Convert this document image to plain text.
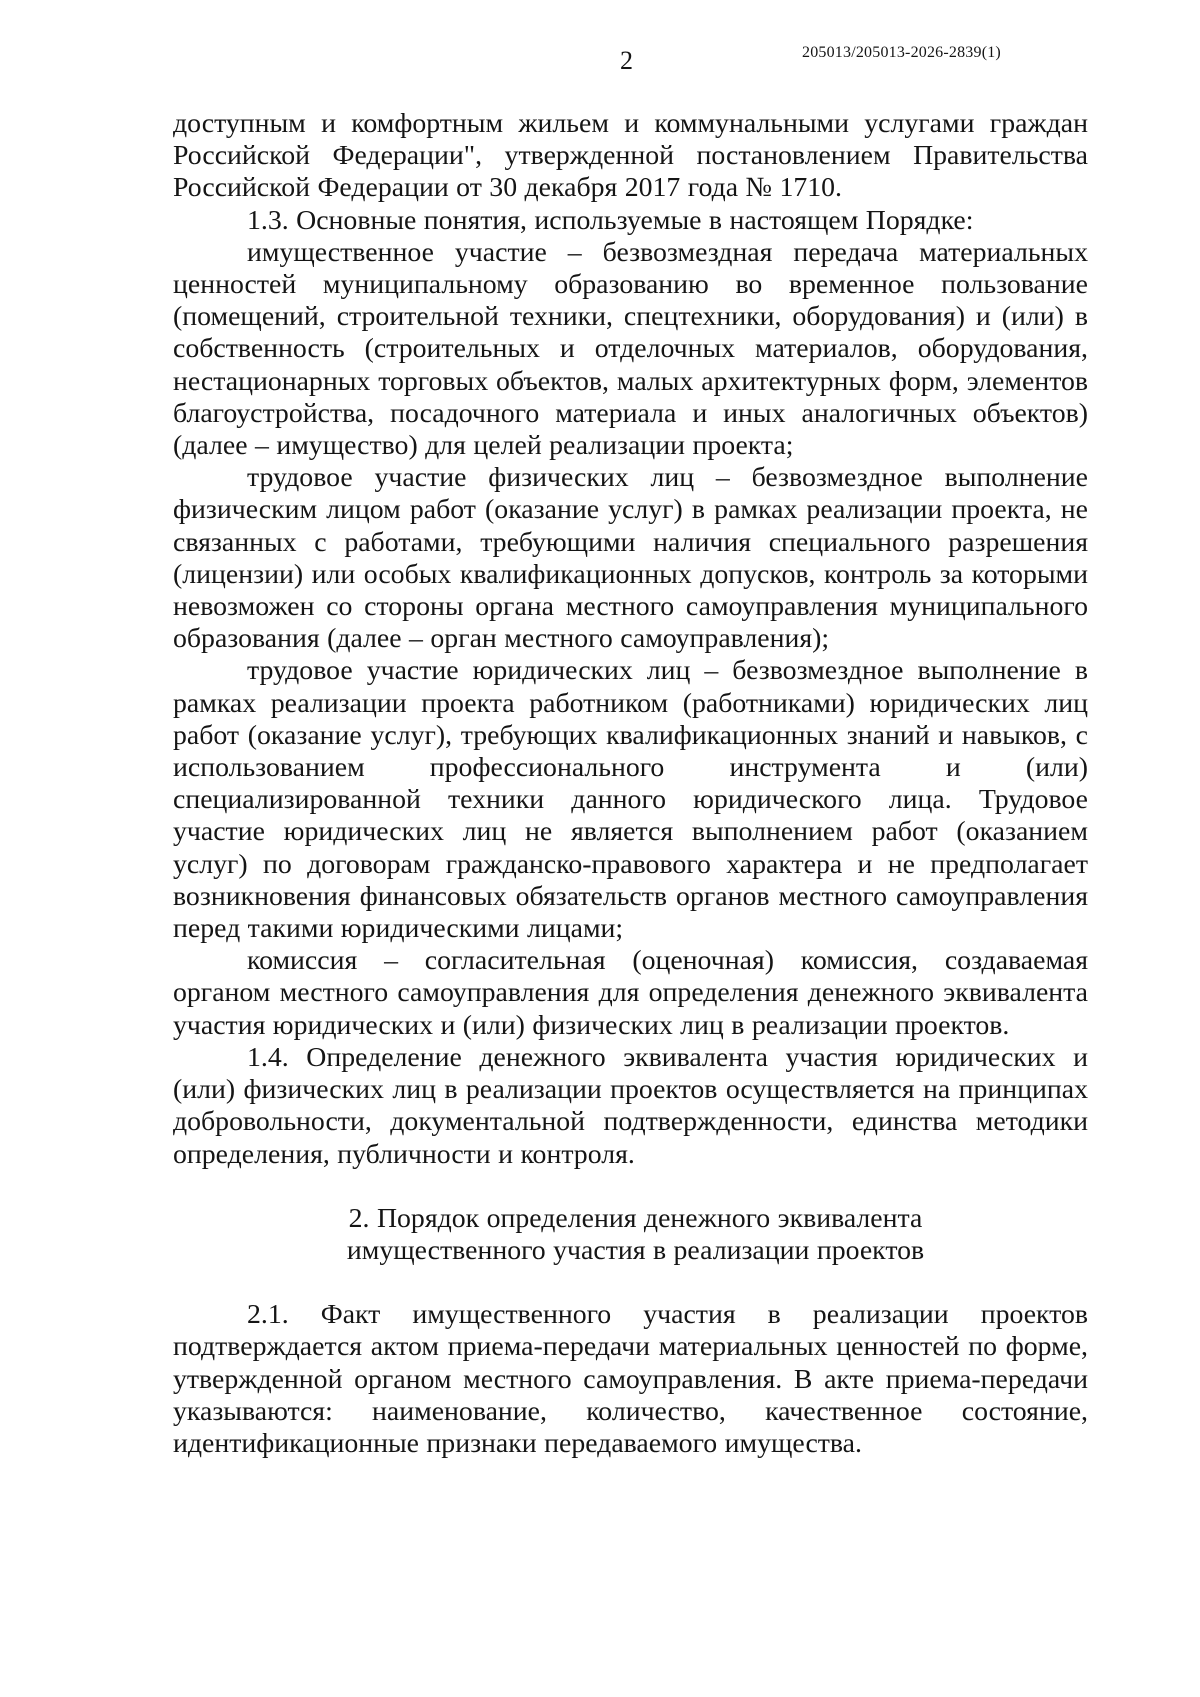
2	205013/205013-2026-2839(1)

доступным и комфортным жильем и коммунальными услугами граждан Российской Федерации", утвержденной постановлением Правительства Российской Федерации от 30 декабря 2017 года № 1710.

1.3. Основные понятия, используемые в настоящем Порядке:

имущественное участие – безвозмездная передача материальных ценностей муниципальному образованию во временное пользование (помещений, строительной техники, спецтехники, оборудования) и (или) в собственность (строительных и отделочных материалов, оборудования, нестационарных торговых объектов, малых архитектурных форм, элементов благоустройства, посадочного материала и иных аналогичных объектов) (далее – имущество) для целей реализации проекта;

трудовое участие физических лиц – безвозмездное выполнение физическим лицом работ (оказание услуг) в рамках реализации проекта, не связанных с работами, требующими наличия специального разрешения (лицензии) или особых квалификационных допусков, контроль за которыми невозможен со стороны органа местного самоуправления муниципального образования (далее – орган местного самоуправления);

трудовое участие юридических лиц – безвозмездное выполнение в рамках реализации проекта работником (работниками) юридических лиц работ (оказание услуг), требующих квалификационных знаний и навыков, с использованием профессионального инструмента и (или) специализированной техники данного юридического лица. Трудовое участие юридических лиц не является выполнением работ (оказанием услуг) по договорам гражданско-правового характера и не предполагает возникновения финансовых обязательств органов местного самоуправления перед такими юридическими лицами;

комиссия – согласительная (оценочная) комиссия, создаваемая органом местного самоуправления для определения денежного эквивалента участия юридических и (или) физических лиц в реализации проектов.

1.4. Определение денежного эквивалента участия юридических и (или) физических лиц в реализации проектов осуществляется на принципах добровольности, документальной подтвержденности, единства методики определения, публичности и контроля.

2. Порядок определения денежного эквивалента
имущественного участия в реализации проектов

2.1. Факт имущественного участия в реализации проектов подтверждается актом приема-передачи материальных ценностей по форме, утвержденной органом местного самоуправления. В акте приема-передачи указываются: наименование, количество, качественное состояние, идентификационные признаки передаваемого имущества.
